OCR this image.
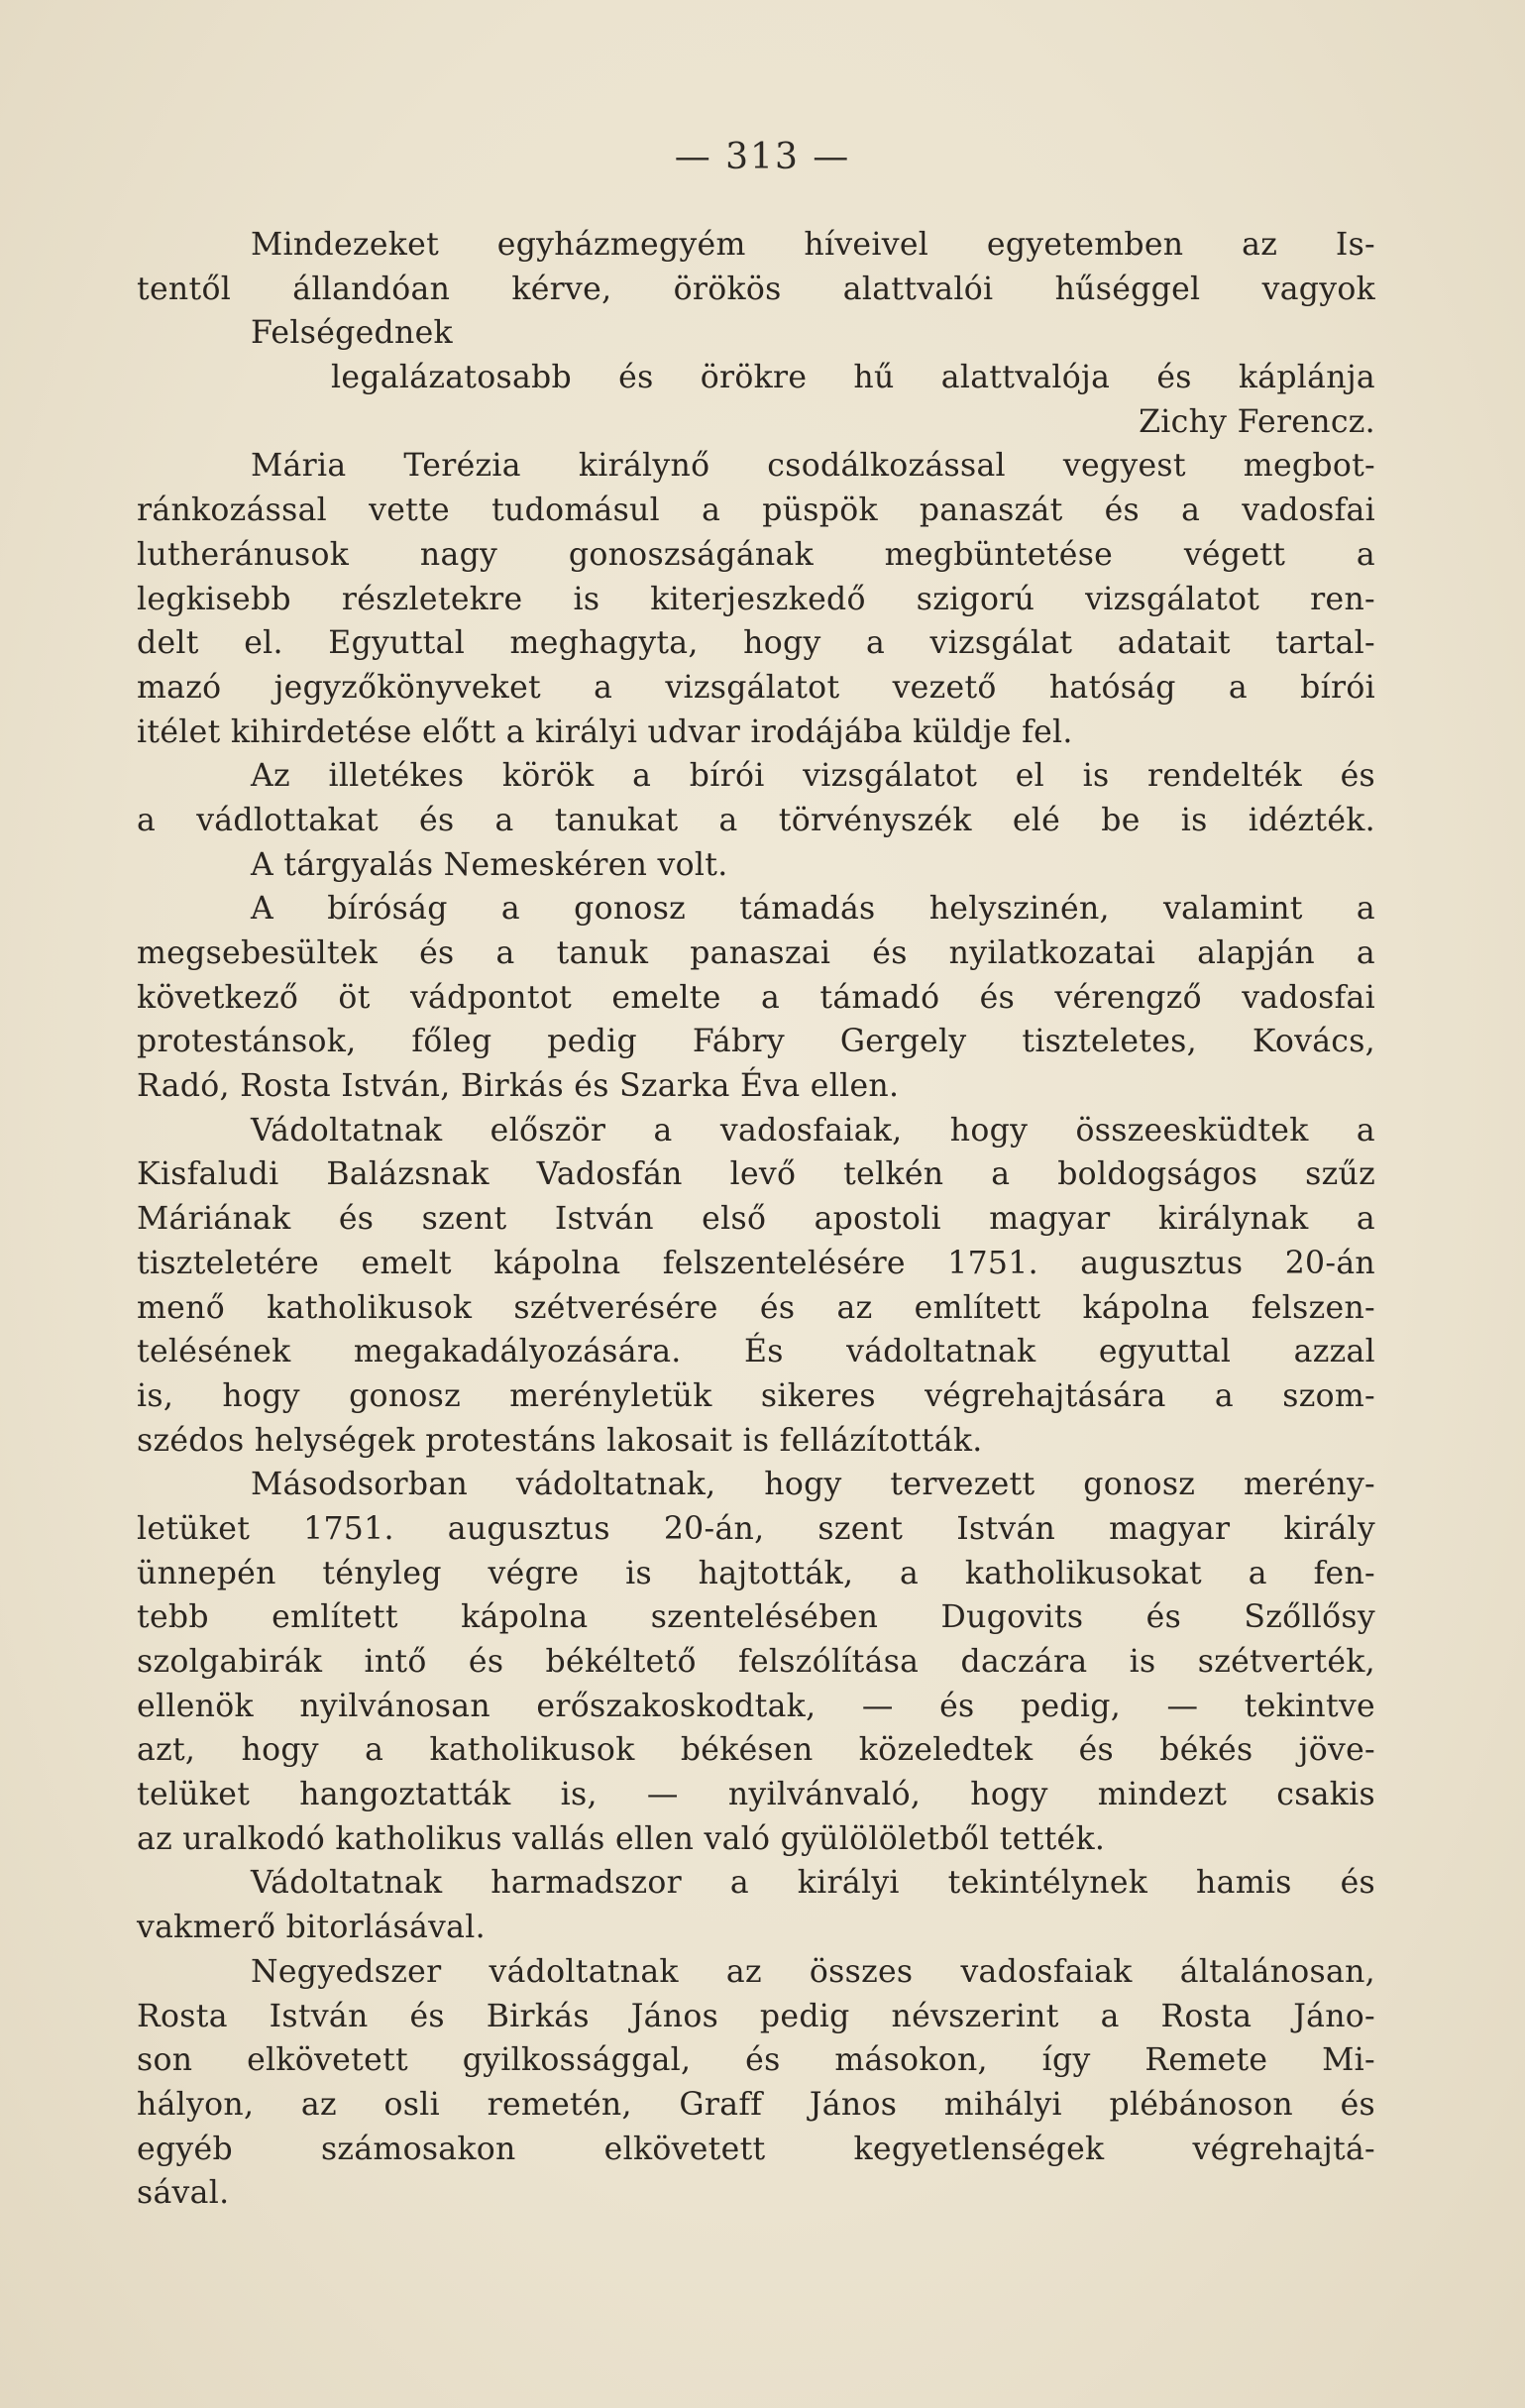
— 313 —
Mindezeket egyházmegyém híveivel egyetemben az Is-
tentől állandóan kérve, örökös alattvalói hűséggel vagyok
Felségednek
legalázatosabb és örökre hű alattvalója és káplánja
Zichy Ferencz.
Mária Terézia királynő csodálkozással vegyest megbot-
ránkozással vette tudomásul a püspök panaszát és a vadosfai
lutheránusok nagy gonoszságának megbüntetése végett a
legkisebb részletekre is kiterjeszkedő szigorú vizsgálatot ren-
delt el. Egyuttal meghagyta, hogy a vizsgálat adatait tartal-
mazó jegyzőkönyveket a vizsgálatot vezető hatóság a bírói
itélet kihirdetése előtt a királyi udvar irodájába küldje fel.
Az illetékes körök a bírói vizsgálatot el is rendelték és
a vádlottakat és a tanukat a törvényszék elé be is idézték.
A tárgyalás Nemeskéren volt.
A bíróság a gonosz támadás helyszinén, valamint a
megsebesültek és a tanuk panaszai és nyilatkozatai alapján a
következő öt vádpontot emelte a támadó és vérengző vadosfai
protestánsok, főleg pedig Fábry Gergely tiszteletes, Kovács,
Radó, Rosta István, Birkás és Szarka Éva ellen.
Vádoltatnak először a vadosfaiak, hogy összeesküdtek a
Kisfaludi Balázsnak Vadosfán levő telkén a boldogságos szűz
Máriának és szent István első apostoli magyar királynak a
tiszteletére emelt kápolna felszentelésére 1751. augusztus 20-án
menő katholikusok szétverésére és az említett kápolna felszen-
telésének megakadályozására. És vádoltatnak egyuttal azzal
is, hogy gonosz merényletük sikeres végrehajtására a szom-
szédos helységek protestáns lakosait is fellázították.
Másodsorban vádoltatnak, hogy tervezett gonosz merény-
letüket 1751. augusztus 20-án, szent István magyar király
ünnepén tényleg végre is hajtották, a katholikusokat a fen-
tebb említett kápolna szentelésében Dugovits és Szőllősy
szolgabirák intő és békéltető felszólítása daczára is szétverték,
ellenök nyilvánosan erőszakoskodtak, — és pedig, — tekintve
azt, hogy a katholikusok békésen közeledtek és békés jöve-
telüket hangoztatták is, — nyilvánvaló, hogy mindezt csakis
az uralkodó katholikus vallás ellen való gyülölöletből tették.
Vádoltatnak harmadszor a királyi tekintélynek hamis és
vakmerő bitorlásával.
Negyedszer vádoltatnak az összes vadosfaiak általánosan,
Rosta István és Birkás János pedig névszerint a Rosta Jáno-
son elkövetett gyilkossággal, és másokon, így Remete Mi-
hályon, az osli remetén, Graff János mihályi plébánoson és
egyéb számosakon elkövetett kegyetlenségek végrehajtá-
sával.
